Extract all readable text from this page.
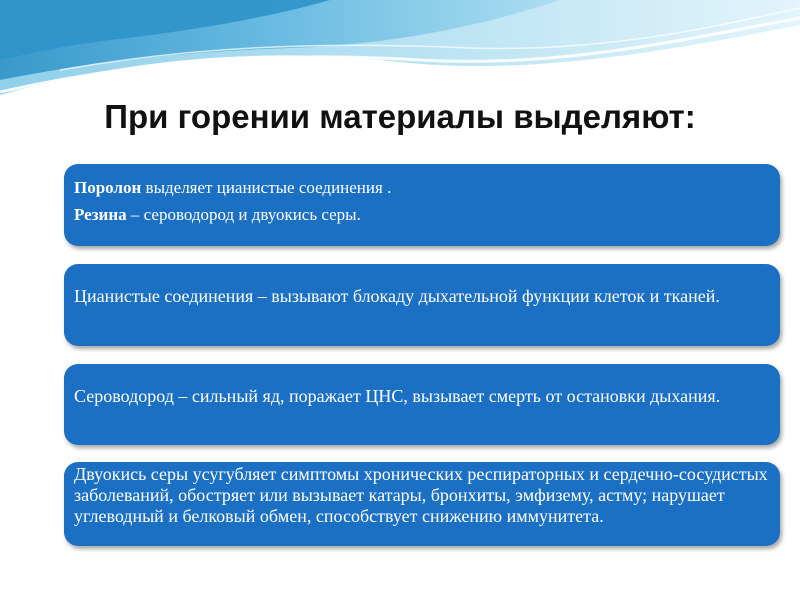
При горении материалы выделяют:
Поролон выделяет цианистые соединения .
Резина – сероводород и двуокись серы.
Цианистые соединения – вызывают блокаду дыхательной функции клеток и тканей.
Сероводород – сильный яд, поражает ЦНС, вызывает смерть от остановки дыхания.
Двуокись серы усугубляет симптомы хронических респираторных и сердечно-сосудистых заболеваний, обостряет или вызывает катары, бронхиты, эмфизему, астму; нарушает углеводный и белковый обмен, способствует снижению иммунитета.
